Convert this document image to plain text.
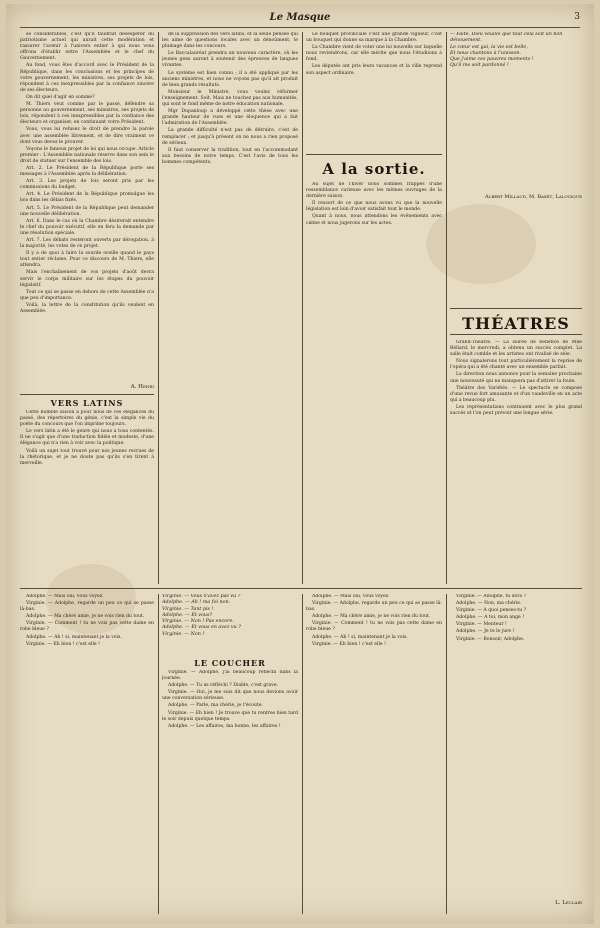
Le Masque	3

se considérables, c'est qu'il faudrait désespérer du patriotisme actuel qui aurait cette modération et rassurer l'avenir à l'univers entier à qui nous vous offrons d'établir entre l'Assemblée et le chef du Gouvernement.

Au fond, vous êtes d'accord avec le Président de la République, dans les conclusions et les principes de votre gouvernement, les ministres, ses projets de lois, répondent à ces inexpressibles par la confiance sincère de ses électeurs.

On dit quel d'agir en somme?

M. Thiers veut comme par le passé, défendre sa personne au gouvernement, ses ministres, ses projets de lois, répondent à ces inexpressibles par la confiance des électeurs et organiser, en continuant votre Président.

Vous, vous lui refusez le droit de prendre la parole avec une assemblée librement, et de dire vraiment ce dont vous devez le prouver.

Voyons le fameux projet de loi qui nous occupe. Article premier : L'Assemblée nationale réserve dans son sein le droit de statuer sur l'ensemble des lois.

Art. 2. Le Président de la République porte ses messages à l'Assemblée après la délibération.

Art. 3. Les projets de lois seront pris par les commissions du budget.

Art. 4. Le Président de la République promulgue les lois dans les délais fixés.

Art. 5. Le Président de la République peut demander une nouvelle délibération.

Art. 6. Dans le cas où la Chambre désirerait entendre le chef du pouvoir exécutif, elle en fera la demande par une résolution spéciale.

Art. 7. Les débats resteront ouverts par dérogation, à la majorité, les votes de ce projet.

Il y a de quoi à faire la sourde oreille quand le pays tout entier réclame. Pour ce discours de M. Thiers, elle attendra.

Mais l'enchaînement de vos projets d'août devra servir le corps militaire sur les étapes du pouvoir législatif.

Tout ce qui se passe en dehors de cette Assemblée n'a que peu d'importance.

Voilà, la lettre de la constitution qu'ils veulent en Assemblée.

A. Henri
VERS LATINS

Cette humble saison a pour nous de ces élégances du passé, des répertoires du génie, c'est la simple vie du poète du concours que l'on imprime toujours.

Le vers latin a été le genre qui nous a tous contentés. Il ne s'agit que d'une traduction fidèle et modeste, d'une élégance qui n'a rien à voir avec la politique.

Voilà un sujet tout trouvé pour nos jeunes recrues de la rhétorique, et je ne doute pas qu'ils s'en tirent à merveille.

de la suppression des vers latins, et la seule pensée qui les aime de questions locales avec un dénoûment, le plumage dans les concours.

Le Baccalauréat prendra un nouveau caractère, où les jeunes gens auront à soutenir des épreuves de langues vivantes.

Le système est bien connu ; il a été appliqué par les anciens ministres, et nous ne voyons pas qu'il ait produit de bien grands résultats.

Monsieur le Ministre, vous voulez réformer l'enseignement. Soit. Mais ne touchez pas aux humanités, qui sont le fond même de notre éducation nationale.

Mgr Dupanloup a développé cette thèse avec une grande hauteur de vues et une éloquence qui a fait l'admiration de l'Assemblée.

La grande difficulté n'est pas de détruire, c'est de remplacer ; et jusqu'à présent on ne nous a rien proposé de sérieux.

Il faut conserver la tradition, tout en l'accommodant aux besoins de notre temps. C'est l'avis de tous les hommes compétents.

Le bouquet provinciale c'est une grande vigueur, c'est un bouquet qui donne sa marque à la Chambre.

La Chambre vient de voter une loi nouvelle sur laquelle nous reviendrons, car elle mérite que nous l'étudiions à fond.

Les députés ont pris leurs vacances et la ville reprend son aspect ordinaire.

A la sortie.

Au sujet de l'hiver nous sommes frappés d'une ressemblance curieuse avec les mêmes ouvrages de la dernière saison.

Il ressort de ce que nous avons vu que la nouvelle législation est loin d'avoir satisfait tout le monde.

Quant à nous, nous attendons les événements avec calme et nous jugerons sur les actes.

— Faite, Dieu veuille que tout cela soit un bon dénouement.
Le cœur est gai, la vie est belle,
Et nous chantons à l'unisson.
Que j'aime ces pauvres moments !
Qu'il me soit pardonné !
Albert Millaud, M. Baxet, Lalogique
THÉATRES

Grand-Théâtre. — La soirée de bénéfice de Mlle Béliard, le mercredi, a obtenu un succès complet. La salle était comble et les artistes ont rivalisé de zèle.

Nous signalerons tout particulièrement la reprise de l'opéra qui a été chanté avec un ensemble parfait.

La direction nous annonce pour la semaine prochaine une nouveauté qui ne manquera pas d'attirer la foule.

Théâtre des Variétés. — Le spectacle se compose d'une revue fort amusante et d'un vaudeville en un acte qui a beaucoup plu.

Les représentations continuent avec le plus grand succès et l'on peut prévoir une longue série.

Adolphe. — Mais oui, vous voyez.

Virginie. — Adolphe, regarde un peu ce qui se passe là-bas.

Adolphe. — Ma chère amie, je ne vois rien du tout.

Virginie. — Comment ! tu ne vois pas cette dame en robe bleue ?

Adolphe. — Ah ! si, maintenant je la vois.

Virginie. — Eh bien ! c'est elle !

Virginie. — Vous n'avez pas vu ?
Adolphe. — Ah ! ma foi non.
Virginie. — Tant pis !
Adolphe. — Et vous?
Virginie. — Non ! Pas encore.
Adolphe. — Et vous en avez vu ?
Virginie. — Non !
LE COUCHER

Virginie. — Adolphe, j'ai beaucoup réfléchi dans la journée.

Adolphe. — Tu as réfléchi ? Diable, c'est grave.

Virginie. — Oui, je me suis dit que nous devions avoir une conversation sérieuse.

Adolphe. — Parle, ma chérie, je t'écoute.

Virginie. — Eh bien ! Je trouve que tu rentres bien tard le soir depuis quelque temps.

Adolphe. — Les affaires, ma bonne, les affaires !

Adolphe. — Mais oui, vous voyez.

Virginie. — Adolphe, regarde un peu ce qui se passe là-bas.

Adolphe. — Ma chère amie, je ne vois rien du tout.

Virginie. — Comment ! tu ne vois pas cette dame en robe bleue ?

Adolphe. — Ah ! si, maintenant je la vois.

Virginie. — Eh bien ! c'est elle !

Virginie. — Adolphe, tu dors ?

Adolphe. — Non, ma chérie.

Virginie. — A quoi penses-tu ?

Adolphe. — A toi, mon ange !

Virginie. — Menteur !

Adolphe. — Je te le jure !

Virginie. — Bonsoir, Adolphe.

L. Leclair
